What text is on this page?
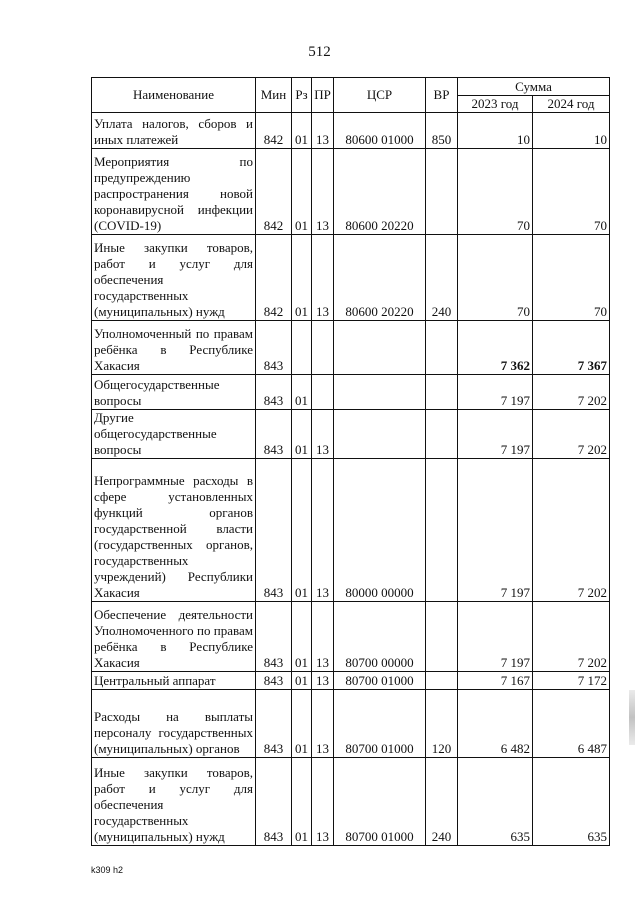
512
Наименование	Мин	Рз	ПР	ЦСР	ВР	Сумма	
						2023 год	2024 год
Уплата налогов, сборов и иных платежей	842	01	13	80600 01000	850	10	10
Мероприятия по предупреждению распространения новой коронавирусной инфекции (COVID-19)	842	01	13	80600 20220		70	70
Иные закупки товаров, работ и услуг для обеспечения государственных (муниципальных) нужд	842	01	13	80600 20220	240	70	70
Уполномоченный по правам ребёнка в Республике Хакасия	843					7 362	7 367
Общегосударственные вопросы	843	01				7 197	7 202
Другие общегосударственные вопросы	843	01	13			7 197	7 202
Непрограммные расходы в сфере установленных функций органов государственной власти (государственных органов, государственных учреждений) Республики Хакасия	843	01	13	80000 00000		7 197	7 202
Обеспечение деятельности Уполномоченного по правам ребёнка в Республике Хакасия	843	01	13	80700 00000		7 197	7 202
Центральный аппарат	843	01	13	80700 01000		7 167	7 172
Расходы на выплаты персоналу государственных (муниципальных) органов	843	01	13	80700 01000	120	6 482	6 487
Иные закупки товаров, работ и услуг для обеспечения государственных (муниципальных) нужд	843	01	13	80700 01000	240	635	635
k309 h2
